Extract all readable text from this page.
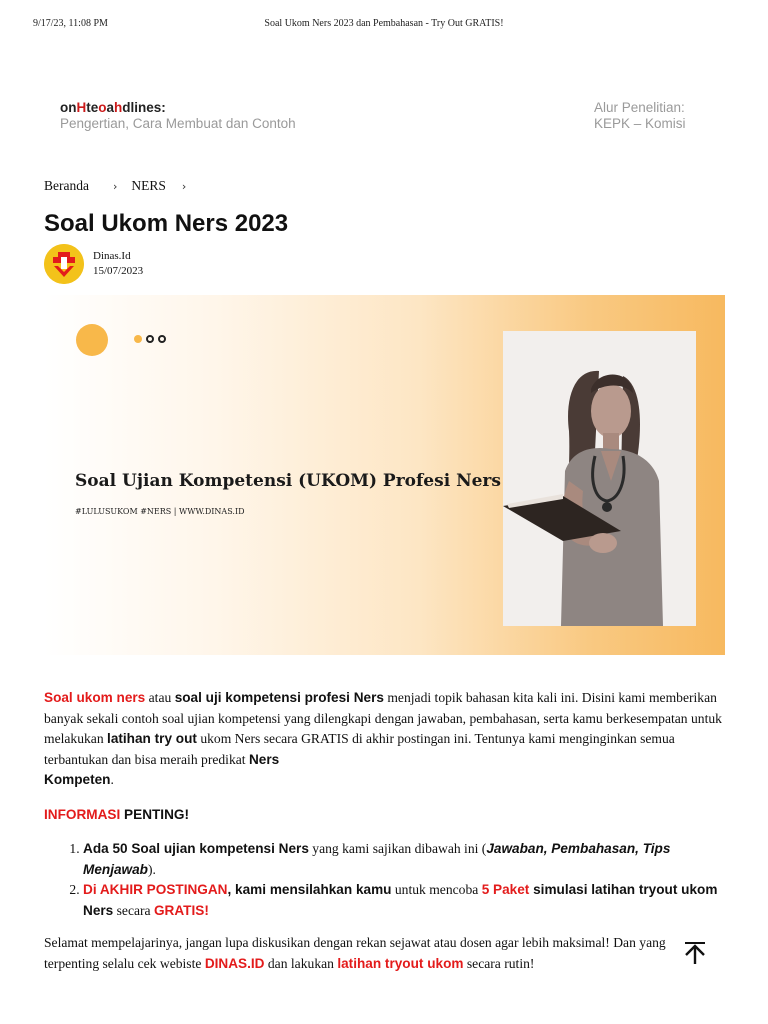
9/17/23, 11:08 PM	Soal Ukom Ners 2023 dan Pembahasan - Try Out GRATIS!
onHteoahdlines:
Pengertian, Cara Membuat dan Contoh
Alur Penelitian:
KEPK – Komisi
Beranda › NERS ›
Soal Ukom Ners 2023
Dinas.Id
15/07/2023
Soal Ujian Kompetensi (UKOM) Profesi Ners
#LULUSUKOM #NERS | WWW.DINAS.ID

Soal ukom ners atau soal uji kompetensi profesi Ners menjadi topik bahasan kita kali ini. Disini kami memberikan banyak sekali contoh soal ujian kompetensi yang dilengkapi dengan jawaban, pembahasan, serta kamu berkesempatan untuk melakukan latihan try out ukom Ners secara GRATIS di akhir postingan ini. Tentunya kami menginginkan semua terbantukan dan bisa meraih predikat Ners
Kompeten.

INFORMASI PENTING!

1. Ada 50 Soal ujian kompetensi Ners yang kami sajikan dibawah ini (Jawaban, Pembahasan, Tips Menjawab).
2. Di AKHIR POSTINGAN, kami mensilahkan kamu untuk mencoba 5 Paket simulasi latihan tryout ukom Ners secara GRATIS!

Selamat mempelajarinya, jangan lupa diskusikan dengan rekan sejawat atau dosen agar lebih maksimal! Dan yang terpenting selalu cek webiste DINAS.ID dan lakukan latihan tryout ukom secara rutin!
